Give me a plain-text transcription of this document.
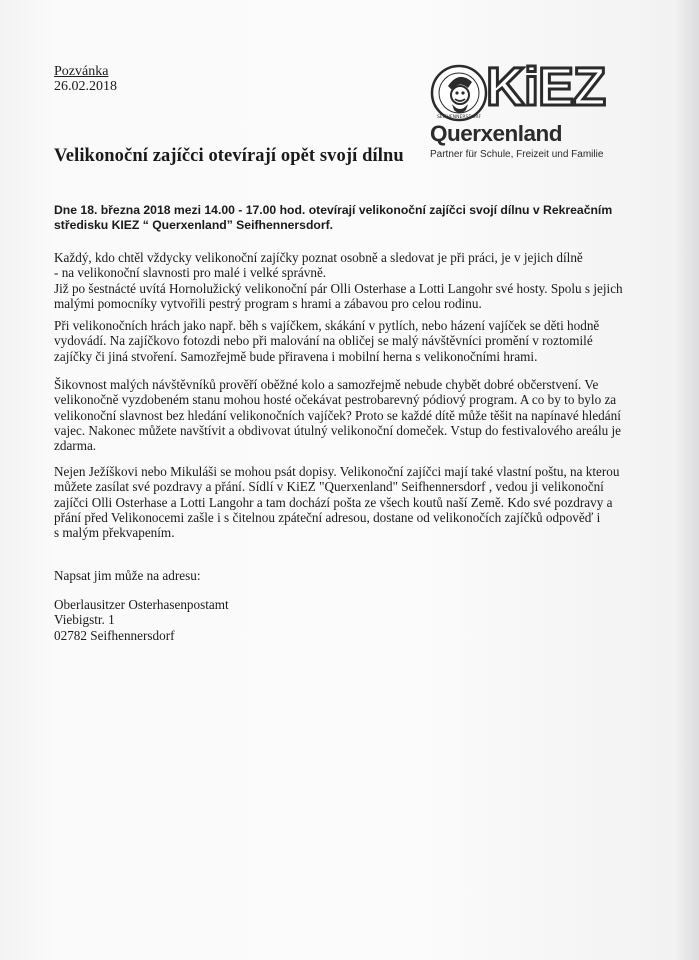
Pozvánka
26.02.2018
SEIFHENNERSDORF
KiEZ
Querxenland
Partner für Schule, Freizeit und Familie
Velikonoční zajíčci otevírají opět svojí dílnu
Dne 18. března 2018 mezi 14.00 - 17.00 hod. otevírají velikonoční zajíčci svojí dílnu v Rekreačním
středisku KIEZ “ Querxenland” Seifhennersdorf.
Každý, kdo chtěl vždycky velikonoční zajíčky poznat osobně a sledovat je při práci, je v jejich dílně
- na velikonoční slavnosti pro malé i velké správně.
Již po šestnácté uvítá Hornolužický velikonoční pár Olli Osterhase a Lotti Langohr své hosty. Spolu s jejich
malými pomocníky vytvořili pestrý program s hrami a zábavou pro celou rodinu.
Při velikonočních hrách jako např. běh s vajíčkem, skákání v pytlích, nebo házení vajíček se děti hodně
vydovádí. Na zajíčkovo fotozdi nebo při malování na obličej se malý návštěvníci promění v roztomilé
zajíčky či jiná stvoření. Samozřejmě bude přiravena i mobilní herna s velikonočními hrami.
Šikovnost malých návštěvníků prověří oběžné kolo a samozřejmě nebude chybět dobré občerstvení. Ve
velikonočně vyzdobeném stanu mohou hosté očekávat pestrobarevný pódiový program. A co by to bylo za
velikonoční slavnost bez hledání velikonočních vajíček? Proto se každé dítě může těšit na napínavé hledání
vajec. Nakonec můžete navštívit a obdivovat útulný velikonoční domeček. Vstup do festivalového areálu je
zdarma.
Nejen Ježíškovi nebo Mikuláši se mohou psát dopisy. Velikonoční zajíčci mají také vlastní poštu, na kterou
můžete zasílat své pozdravy a přání. Sídlí v KiEZ "Querxenland" Seifhennersdorf , vedou ji velikonoční
zajíčci Olli Osterhase a Lotti Langohr a tam dochází pošta ze všech koutů naší Země. Kdo své pozdravy a
přání před Velikonocemi zašle i s čitelnou zpáteční adresou, dostane od velikonočích zajíčků odpověď i
s malým překvapením.
Napsat jim může na adresu:
Oberlausitzer Osterhasenpostamt
Viebigstr. 1
02782 Seifhennersdorf
